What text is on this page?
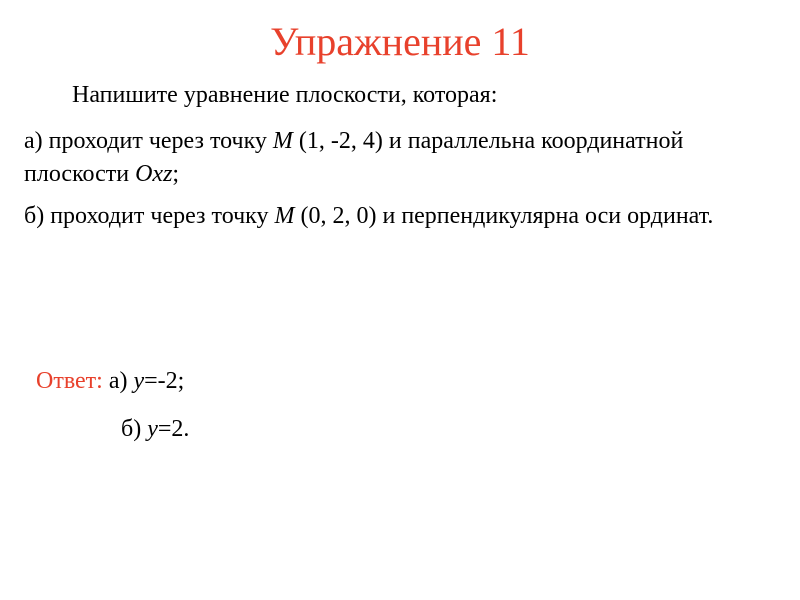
Упражнение 11
Напишите уравнение плоскости, которая:
а) проходит через точку M (1, -2, 4) и параллельна координатной плоскости Oxz;
б) проходит через точку M (0, 2, 0) и перпендикулярна оси ординат.
Ответ: а) y=-2;
б) y=2.
